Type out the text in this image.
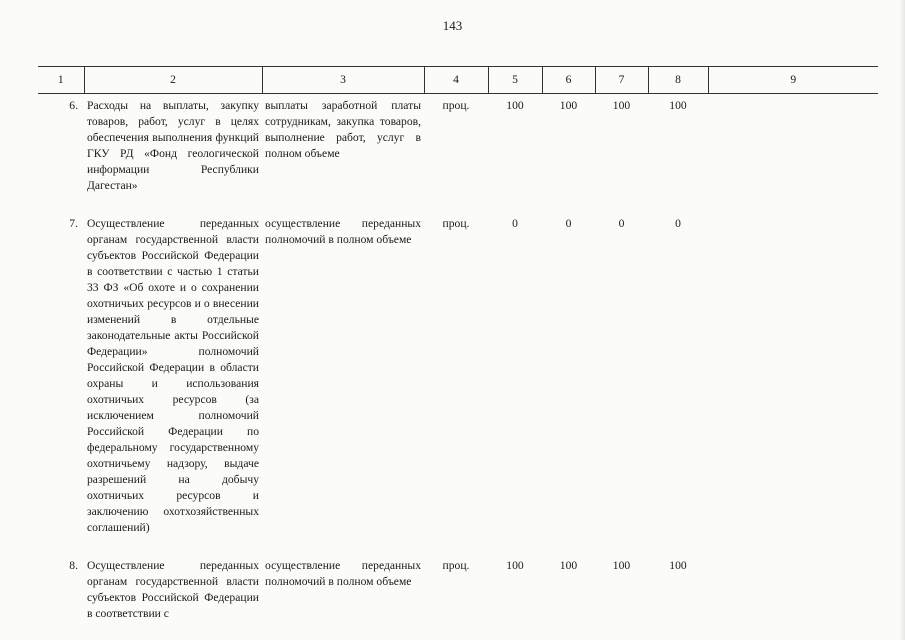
143
1	2	3	4	5	6	7	8	9
6.	Расходы на выплаты, закупку товаров, работ, услуг в целях обеспечения выполнения функций ГКУ РД «Фонд геологической информации Республики Дагестан»	выплаты заработной платы сотрудникам, закупка товаров, выполнение работ, услуг в полном объеме	проц.	100	100	100	100	
7.	Осуществление переданных органам государственной власти субъектов Российской Федерации в соответствии с частью 1 статьи 33 ФЗ «Об охоте и о сохранении охотничьих ресурсов и о внесении изменений в отдельные законодательные акты Российской Федерации» полномочий Российской Федерации в области охраны и использования охотничьих ресурсов (за исключением полномочий Российской Федерации по федеральному государственному охотничьему надзору, выдаче разрешений на добычу охотничьих ресурсов и заключению охотхозяйственных соглашений)	осуществление переданных полномочий в полном объеме	проц.	0	0	0	0	
8.	Осуществление переданных органам государственной власти субъектов Российской Федерации в соответствии с	осуществление переданных полномочий в полном объеме	проц.	100	100	100	100	
